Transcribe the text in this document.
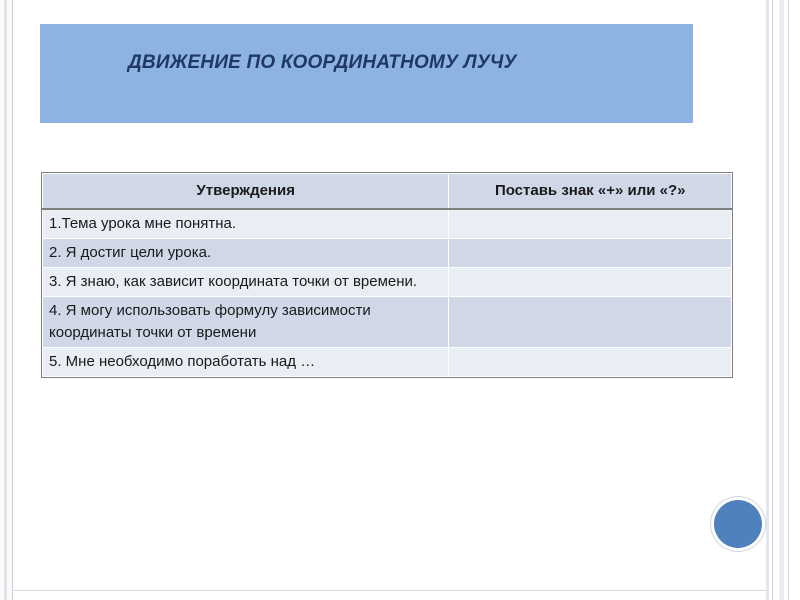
ДВИЖЕНИЕ ПО КООРДИНАТНОМУ ЛУЧУ
Утверждения	Поставь знак «+» или «?»
1.Тема урока мне понятна.	
2. Я достиг цели урока.	
3. Я знаю, как зависит координата точки от времени.	
4. Я могу использовать формулу зависимости координаты точки от времени	
5. Мне необходимо поработать над …	
